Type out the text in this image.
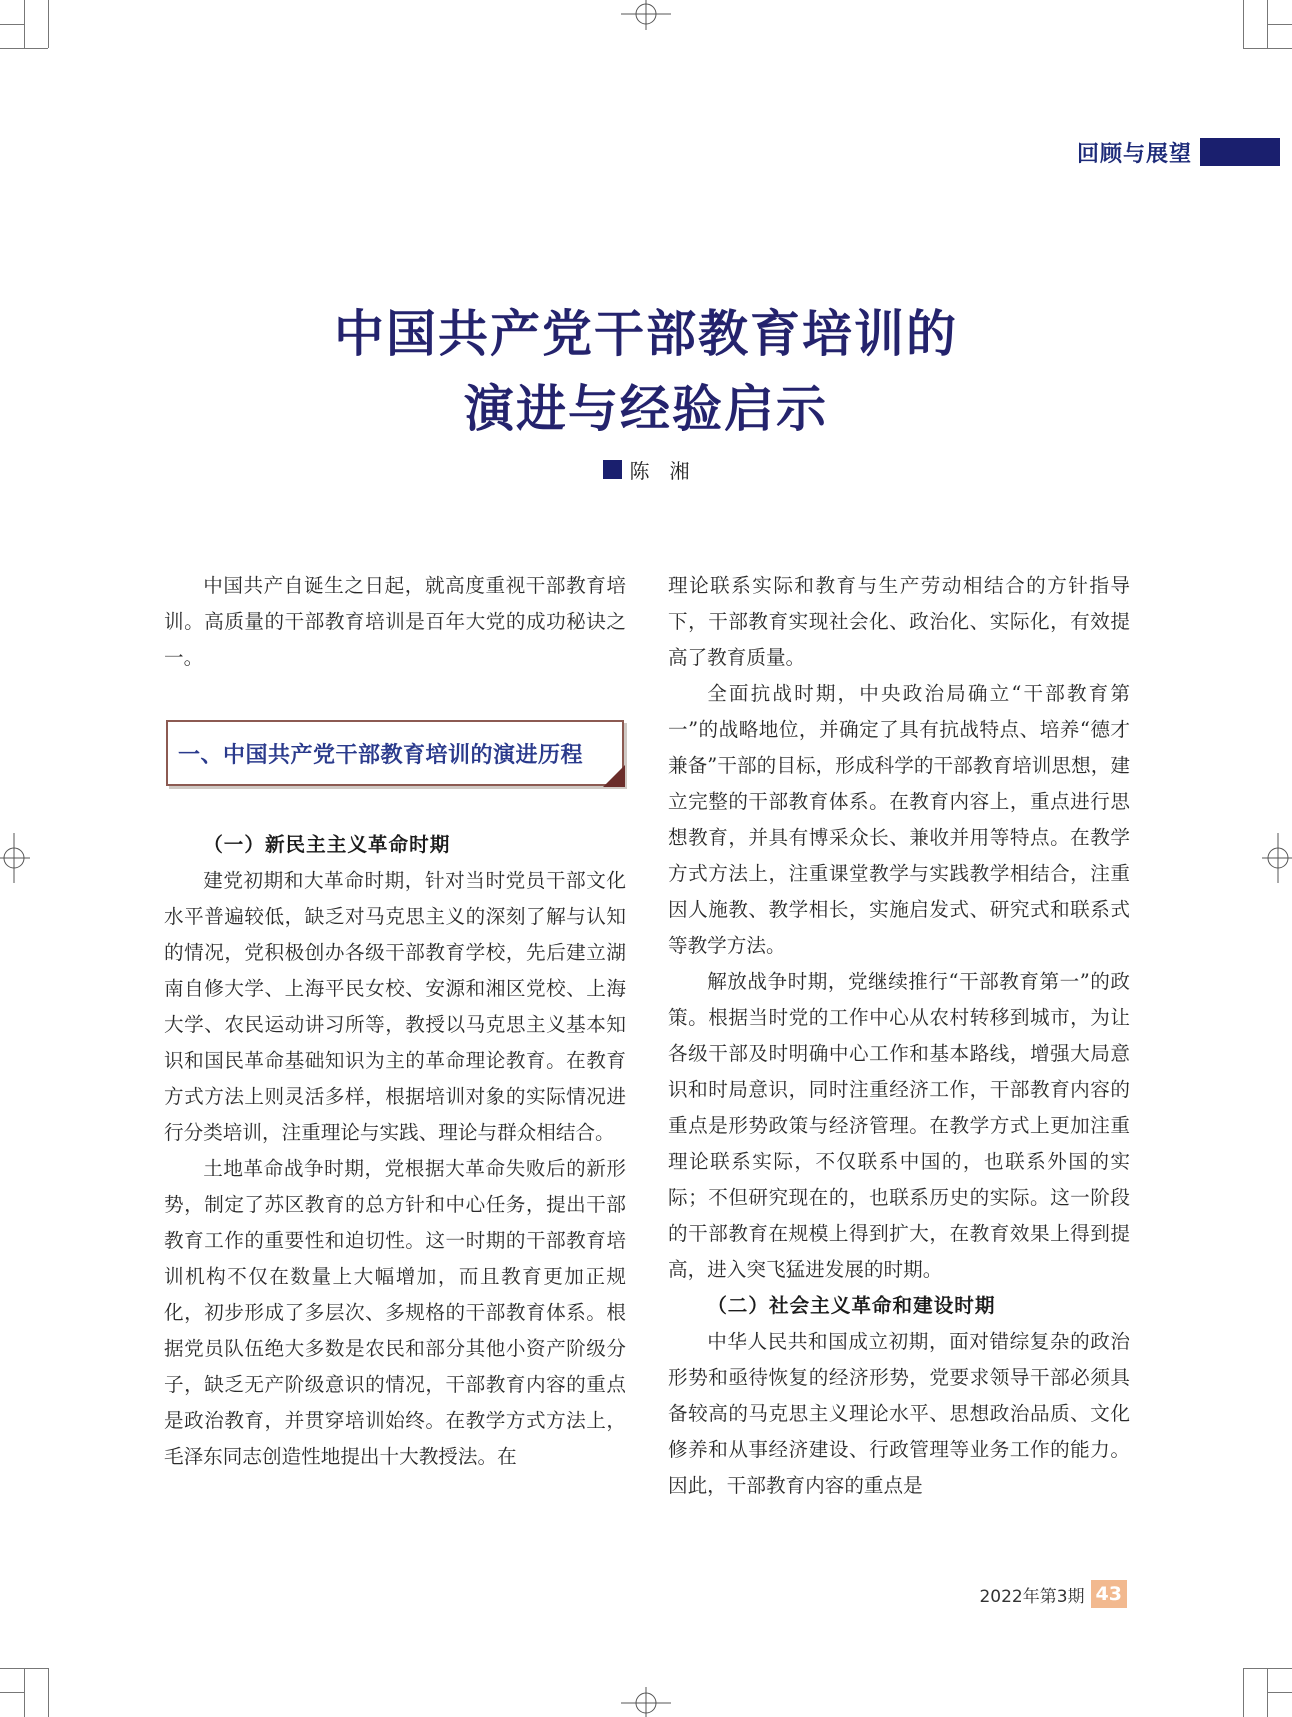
回顾与展望
中国共产党干部教育培训的
演进与经验启示
陈　湘

中国共产自诞生之日起，就高度重视干部教育培训。高质量的干部教育培训是百年大党的成功秘诀之一。

一、中国共产党干部教育培训的演进历程

（一）新民主主义革命时期

建党初期和大革命时期，针对当时党员干部文化水平普遍较低，缺乏对马克思主义的深刻了解与认知的情况，党积极创办各级干部教育学校，先后建立湖南自修大学、上海平民女校、安源和湘区党校、上海大学、农民运动讲习所等，教授以马克思主义基本知识和国民革命基础知识为主的革命理论教育。在教育方式方法上则灵活多样，根据培训对象的实际情况进行分类培训，注重理论与实践、理论与群众相结合。

土地革命战争时期，党根据大革命失败后的新形势，制定了苏区教育的总方针和中心任务，提出干部教育工作的重要性和迫切性。这一时期的干部教育培训机构不仅在数量上大幅增加，而且教育更加正规化，初步形成了多层次、多规格的干部教育体系。根据党员队伍绝大多数是农民和部分其他小资产阶级分子，缺乏无产阶级意识的情况，干部教育内容的重点是政治教育，并贯穿培训始终。在教学方式方法上，毛泽东同志创造性地提出十大教授法。在

理论联系实际和教育与生产劳动相结合的方针指导下，干部教育实现社会化、政治化、实际化，有效提高了教育质量。

全面抗战时期，中央政治局确立“干部教育第一”的战略地位，并确定了具有抗战特点、培养“德才兼备”干部的目标，形成科学的干部教育培训思想，建立完整的干部教育体系。在教育内容上，重点进行思想教育，并具有博采众长、兼收并用等特点。在教学方式方法上，注重课堂教学与实践教学相结合，注重因人施教、教学相长，实施启发式、研究式和联系式等教学方法。

解放战争时期，党继续推行“干部教育第一”的政策。根据当时党的工作中心从农村转移到城市，为让各级干部及时明确中心工作和基本路线，增强大局意识和时局意识，同时注重经济工作，干部教育内容的重点是形势政策与经济管理。在教学方式上更加注重理论联系实际，不仅联系中国的，也联系外国的实际；不但研究现在的，也联系历史的实际。这一阶段的干部教育在规模上得到扩大，在教育效果上得到提高，进入突飞猛进发展的时期。

（二）社会主义革命和建设时期

中华人民共和国成立初期，面对错综复杂的政治形势和亟待恢复的经济形势，党要求领导干部必须具备较高的马克思主义理论水平、思想政治品质、文化修养和从事经济建设、行政管理等业务工作的能力。因此，干部教育内容的重点是

2022年第3期 43
